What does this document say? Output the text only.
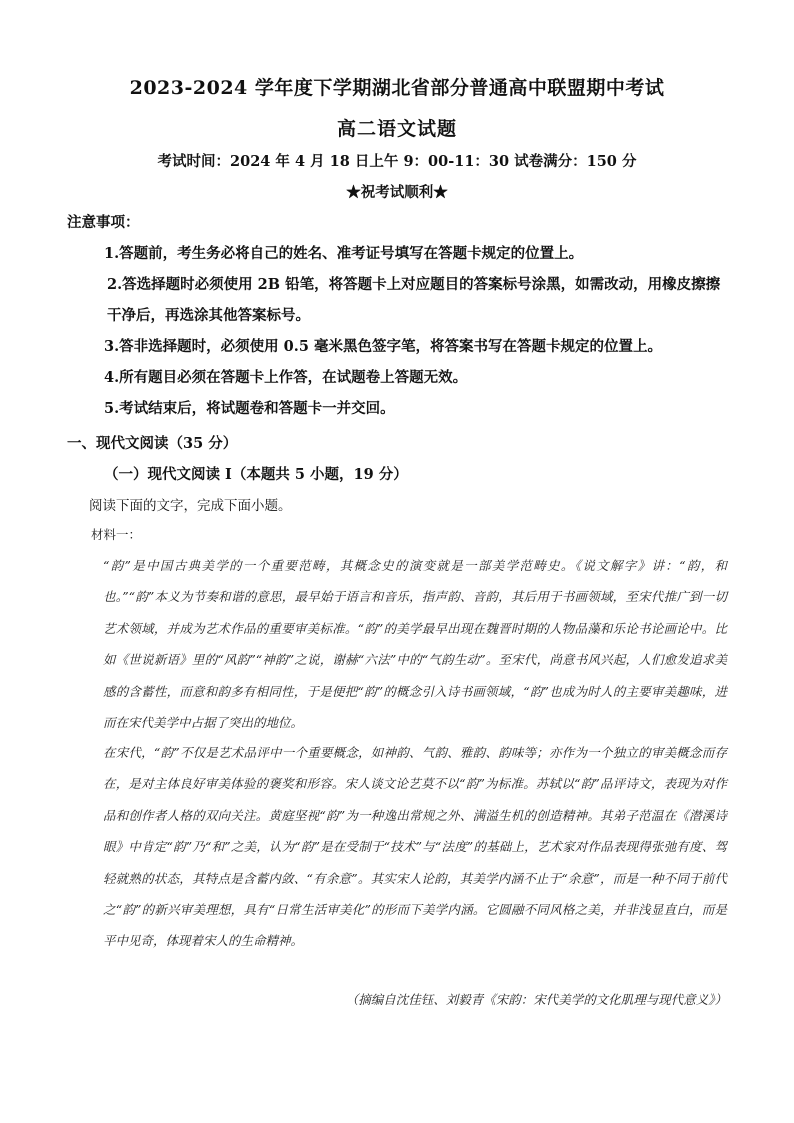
2023-2024 学年度下学期湖北省部分普通高中联盟期中考试
高二语文试题
考试时间：2024 年 4 月 18 日上午 9：00-11：30 试卷满分：150 分
★祝考试顺利★
注意事项：
1.答题前，考生务必将自己的姓名、准考证号填写在答题卡规定的位置上。
2.答选择题时必须使用 2B 铅笔，将答题卡上对应题目的答案标号涂黑，如需改动，用橡皮擦擦干净后，再选涂其他答案标号。
3.答非选择题时，必须使用 0.5 毫米黑色签字笔，将答案书写在答题卡规定的位置上。
4.所有题目必须在答题卡上作答，在试题卷上答题无效。
5.考试结束后，将试题卷和答题卡一并交回。
一、现代文阅读（35 分）
（一）现代文阅读 I（本题共 5 小题，19 分）
阅读下面的文字，完成下面小题。
材料一：
“韵”是中国古典美学的一个重要范畴，其概念史的演变就是一部美学范畴史。《说文解字》讲：“韵，和也。”“韵”本义为节奏和谐的意思，最早始于语言和音乐，指声韵、音韵，其后用于书画领域，至宋代推广到一切艺术领域，并成为艺术作品的重要审美标准。“韵”的美学最早出现在魏晋时期的人物品藻和乐论书论画论中。比如《世说新语》里的“风韵”“神韵”之说，谢赫“六法”中的“气韵生动”。至宋代，尚意书风兴起，人们愈发追求美感的含蓄性，而意和韵多有相同性，于是便把“韵”的概念引入诗书画领域，“韵”也成为时人的主要审美趣味，进而在宋代美学中占据了突出的地位。
在宋代，“韵”不仅是艺术品评中一个重要概念，如神韵、气韵、雅韵、韵味等；亦作为一个独立的审美概念而存在，是对主体良好审美体验的褒奖和形容。宋人谈文论艺莫不以“韵”为标准。苏轼以“韵”品评诗文，表现为对作品和创作者人格的双向关注。黄庭坚视“韵”为一种逸出常规之外、满溢生机的创造精神。其弟子范温在《潜溪诗眼》中肯定“韵”乃“和”之美，认为“韵”是在受制于“技术”与“法度”的基础上，艺术家对作品表现得张弛有度、驾轻就熟的状态，其特点是含蓄内敛、“有余意”。其实宋人论韵，其美学内涵不止于“余意”，而是一种不同于前代之“韵”的新兴审美理想，具有“日常生活审美化”的形而下美学内涵。它圆融不同风格之美，并非浅显直白，而是平中见奇，体现着宋人的生命精神。
（摘编自沈佳钰、刘毅青《宋韵：宋代美学的文化肌理与现代意义》）
